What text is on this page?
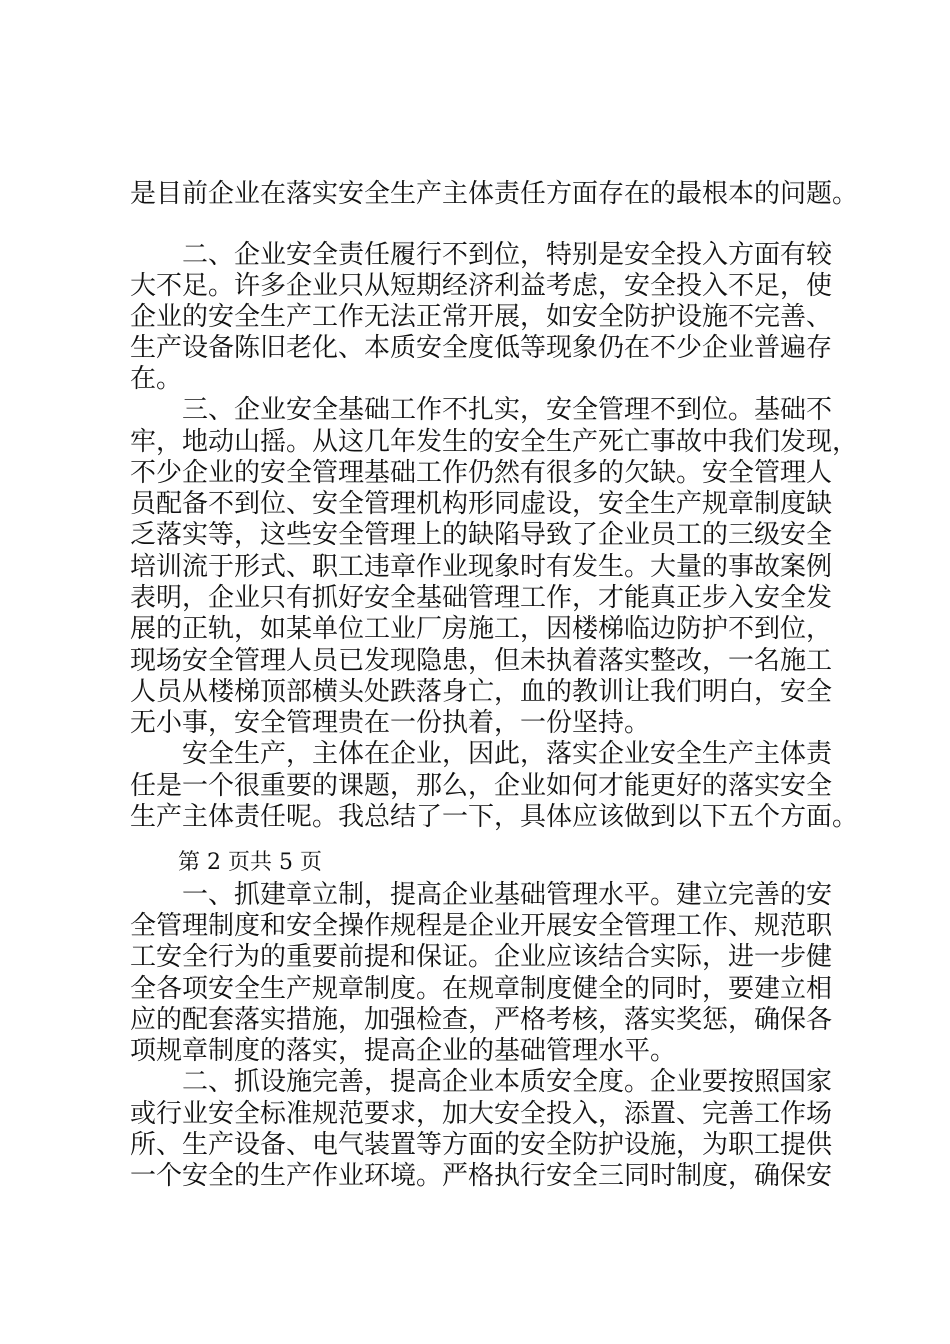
是目前企业在落实安全生产主体责任方面存在的最根本的问题。
　　二、企业安全责任履行不到位，特别是安全投入方面有较
大不足。许多企业只从短期经济利益考虑，安全投入不足，使
企业的安全生产工作无法正常开展，如安全防护设施不完善、
生产设备陈旧老化、本质安全度低等现象仍在不少企业普遍存
在。
　　三、企业安全基础工作不扎实，安全管理不到位。基础不
牢，地动山摇。从这几年发生的安全生产死亡事故中我们发现，
不少企业的安全管理基础工作仍然有很多的欠缺。安全管理人
员配备不到位、安全管理机构形同虚设，安全生产规章制度缺
乏落实等，这些安全管理上的缺陷导致了企业员工的三级安全
培训流于形式、职工违章作业现象时有发生。大量的事故案例
表明，企业只有抓好安全基础管理工作，才能真正步入安全发
展的正轨，如某单位工业厂房施工，因楼梯临边防护不到位，
现场安全管理人员已发现隐患，但未执着落实整改，一名施工
人员从楼梯顶部横头处跌落身亡，血的教训让我们明白，安全
无小事，安全管理贵在一份执着，一份坚持。
　　安全生产，主体在企业，因此，落实企业安全生产主体责
任是一个很重要的课题，那么，企业如何才能更好的落实安全
生产主体责任呢。我总结了一下，具体应该做到以下五个方面。
第 2 页共 5 页
　　一、抓建章立制，提高企业基础管理水平。建立完善的安
全管理制度和安全操作规程是企业开展安全管理工作、规范职
工安全行为的重要前提和保证。企业应该结合实际，进一步健
全各项安全生产规章制度。在规章制度健全的同时，要建立相
应的配套落实措施，加强检查，严格考核，落实奖惩，确保各
项规章制度的落实，提高企业的基础管理水平。
　　二、抓设施完善，提高企业本质安全度。企业要按照国家
或行业安全标准规范要求，加大安全投入，添置、完善工作场
所、生产设备、电气装置等方面的安全防护设施，为职工提供
一个安全的生产作业环境。严格执行安全三同时制度，确保安
